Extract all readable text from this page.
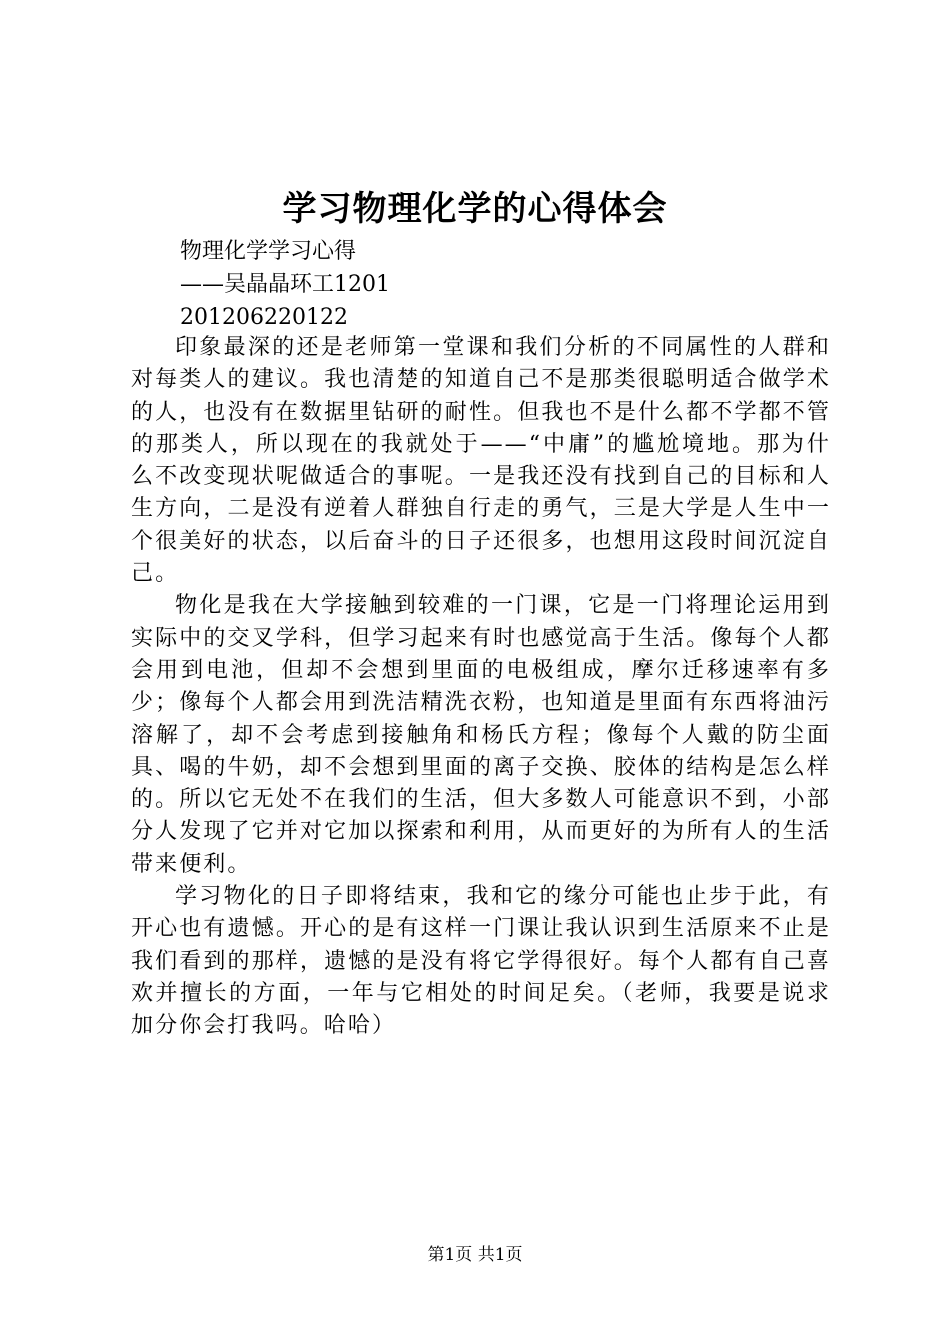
学习物理化学的心得体会
物理化学学习心得
——吴晶晶环工1201
201206220122

印象最深的还是老师第一堂课和我们分析的不同属性的人群和对每类人的建议。我也清楚的知道自己不是那类很聪明适合做学术的人，也没有在数据里钻研的耐性。但我也不是什么都不学都不管的那类人，所以现在的我就处于——“中庸”的尴尬境地。那为什么不改变现状呢做适合的事呢。一是我还没有找到自己的目标和人生方向，二是没有逆着人群独自行走的勇气，三是大学是人生中一个很美好的状态，以后奋斗的日子还很多，也想用这段时间沉淀自己。

物化是我在大学接触到较难的一门课，它是一门将理论运用到实际中的交叉学科，但学习起来有时也感觉高于生活。像每个人都会用到电池，但却不会想到里面的电极组成，摩尔迁移速率有多少；像每个人都会用到洗洁精洗衣粉，也知道是里面有东西将油污溶解了，却不会考虑到接触角和杨氏方程；像每个人戴的防尘面具、喝的牛奶，却不会想到里面的离子交换、胶体的结构是怎么样的。所以它无处不在我们的生活，但大多数人可能意识不到，小部分人发现了它并对它加以探索和利用，从而更好的为所有人的生活带来便利。

学习物化的日子即将结束，我和它的缘分可能也止步于此，有开心也有遗憾。开心的是有这样一门课让我认识到生活原来不止是我们看到的那样，遗憾的是没有将它学得很好。每个人都有自己喜欢并擅长的方面，一年与它相处的时间足矣。（老师，我要是说求加分你会打我吗。哈哈）

第1页 共1页
